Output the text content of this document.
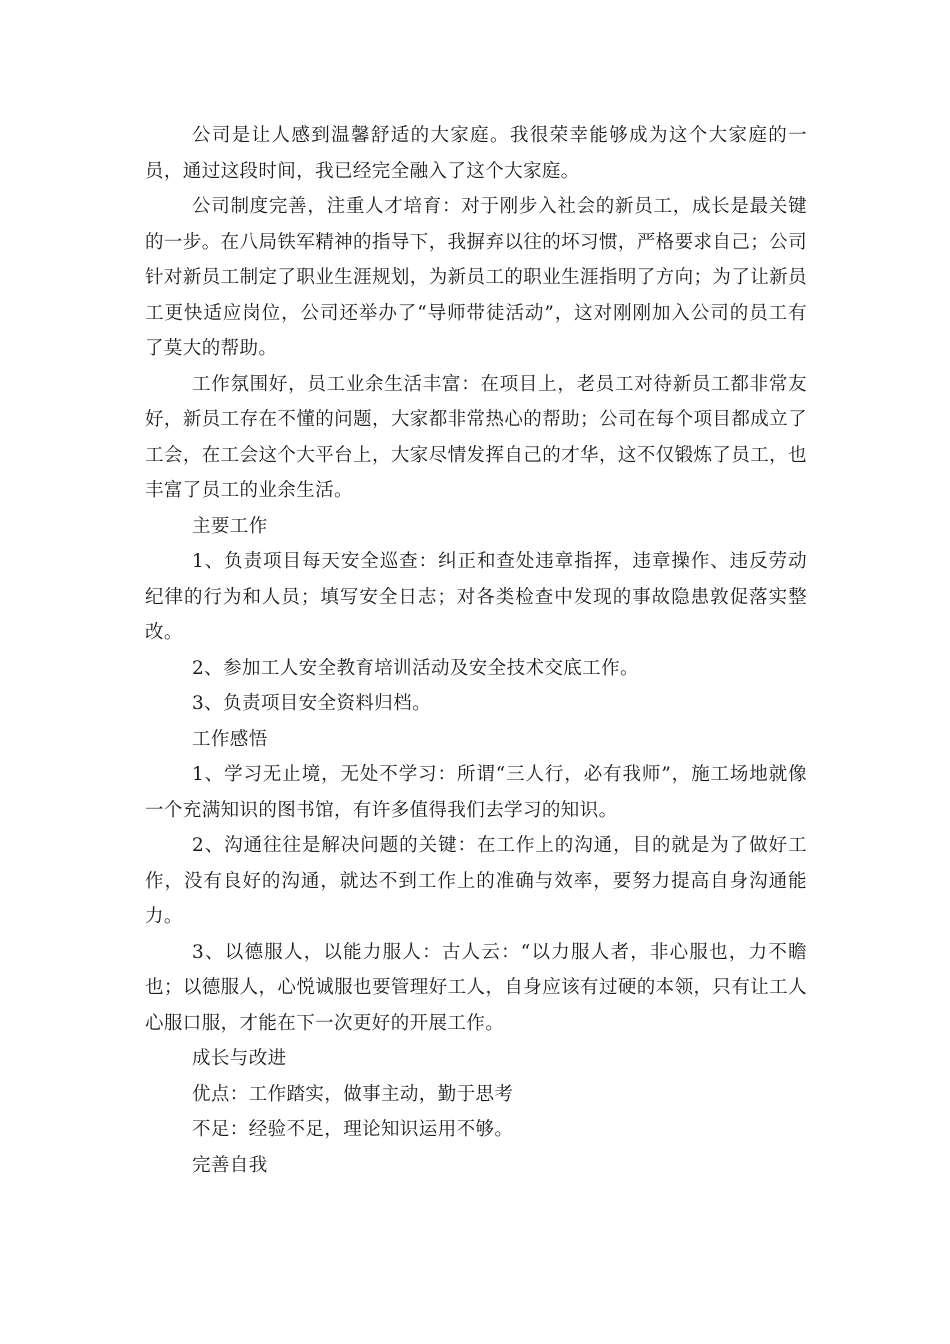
公司是让人感到温馨舒适的大家庭。我很荣幸能够成为这个大家庭的一员，通过这段时间，我已经完全融入了这个大家庭。

公司制度完善，注重人才培育：对于刚步入社会的新员工，成长是最关键的一步。在八局铁军精神的指导下，我摒弃以往的坏习惯，严格要求自己；公司针对新员工制定了职业生涯规划，为新员工的职业生涯指明了方向；为了让新员工更快适应岗位，公司还举办了“导师带徒活动”，这对刚刚加入公司的员工有了莫大的帮助。

工作氛围好，员工业余生活丰富：在项目上，老员工对待新员工都非常友好，新员工存在不懂的问题，大家都非常热心的帮助；公司在每个项目都成立了工会，在工会这个大平台上，大家尽情发挥自己的才华，这不仅锻炼了员工，也丰富了员工的业余生活。

主要工作

1、负责项目每天安全巡查：纠正和查处违章指挥，违章操作、违反劳动纪律的行为和人员；填写安全日志；对各类检查中发现的事故隐患敦促落实整改。

2、参加工人安全教育培训活动及安全技术交底工作。

3、负责项目安全资料归档。

工作感悟

1、学习无止境，无处不学习：所谓“三人行，必有我师”，施工场地就像一个充满知识的图书馆，有许多值得我们去学习的知识。

2、沟通往往是解决问题的关键：在工作上的沟通，目的就是为了做好工作，没有良好的沟通，就达不到工作上的准确与效率，要努力提高自身沟通能力。

3、以德服人，以能力服人：古人云：“以力服人者，非心服也，力不瞻也；以德服人，心悦诚服也要管理好工人，自身应该有过硬的本领，只有让工人心服口服，才能在下一次更好的开展工作。

成长与改进

优点：工作踏实，做事主动，勤于思考

不足：经验不足，理论知识运用不够。

完善自我
